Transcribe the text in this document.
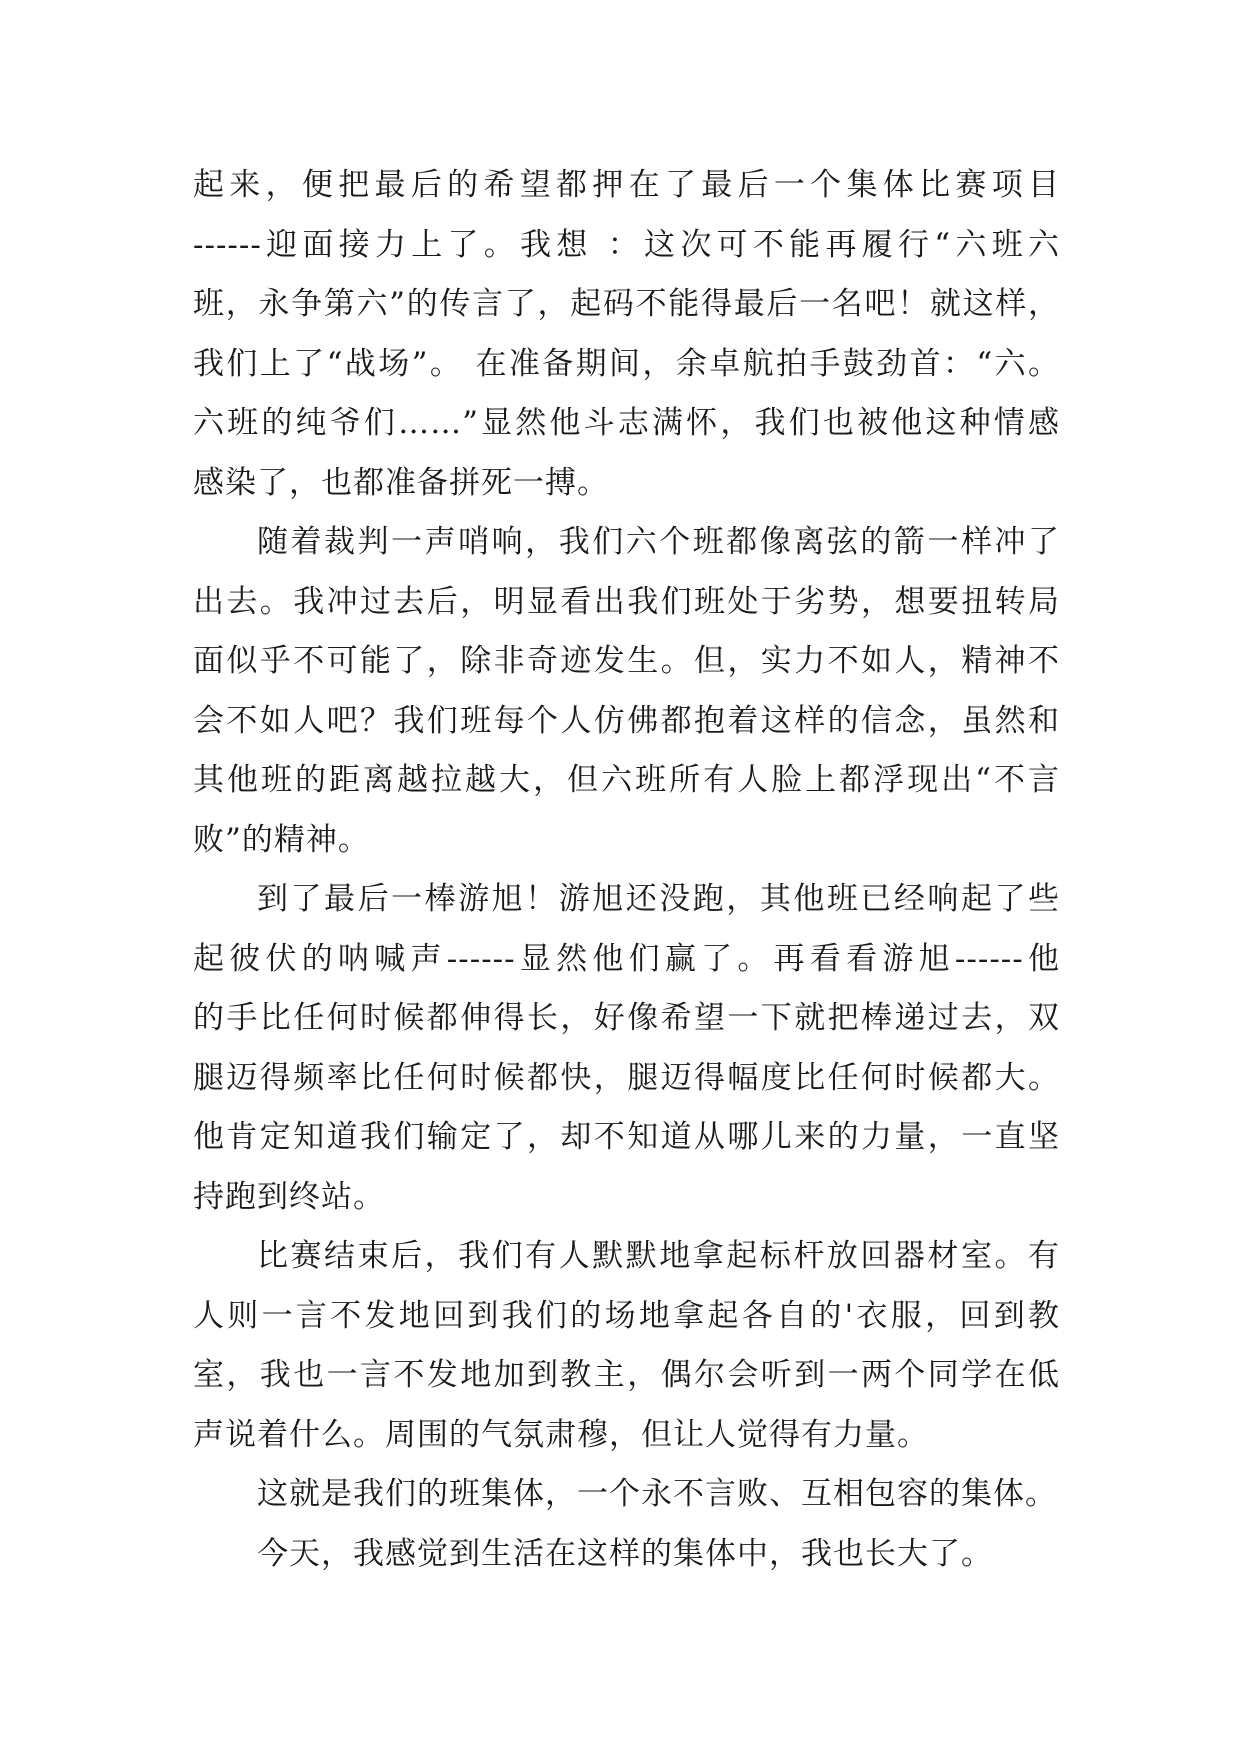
起来，便把最后的希望都押在了最后一个集体比赛项目
------迎面接力上了。我想 ：这次可不能再履行“六班六
班，永争第六”的传言了，起码不能得最后一名吧！就这样，
我们上了“战场”。 在准备期间，余卓航拍手鼓劲首：“六。
六班的纯爷们……”显然他斗志满怀，我们也被他这种情感
感染了，也都准备拼死一搏。
随着裁判一声哨响，我们六个班都像离弦的箭一样冲了
出去。我冲过去后，明显看出我们班处于劣势，想要扭转局
面似乎不可能了，除非奇迹发生。但，实力不如人，精神不
会不如人吧？我们班每个人仿佛都抱着这样的信念，虽然和
其他班的距离越拉越大，但六班所有人脸上都浮现出“不言
败”的精神。
到了最后一棒游旭！游旭还没跑，其他班已经响起了些
起彼伏的呐喊声------显然他们赢了。再看看游旭------他
的手比任何时候都伸得长，好像希望一下就把棒递过去，双
腿迈得频率比任何时候都快，腿迈得幅度比任何时候都大。
他肯定知道我们输定了，却不知道从哪儿来的力量，一直坚
持跑到终站。
比赛结束后，我们有人默默地拿起标杆放回器材室。有
人则一言不发地回到我们的场地拿起各自的'衣服，回到教
室，我也一言不发地加到教主，偶尔会听到一两个同学在低
声说着什么。周围的气氛肃穆，但让人觉得有力量。
这就是我们的班集体，一个永不言败、互相包容的集体。
今天，我感觉到生活在这样的集体中，我也长大了。
